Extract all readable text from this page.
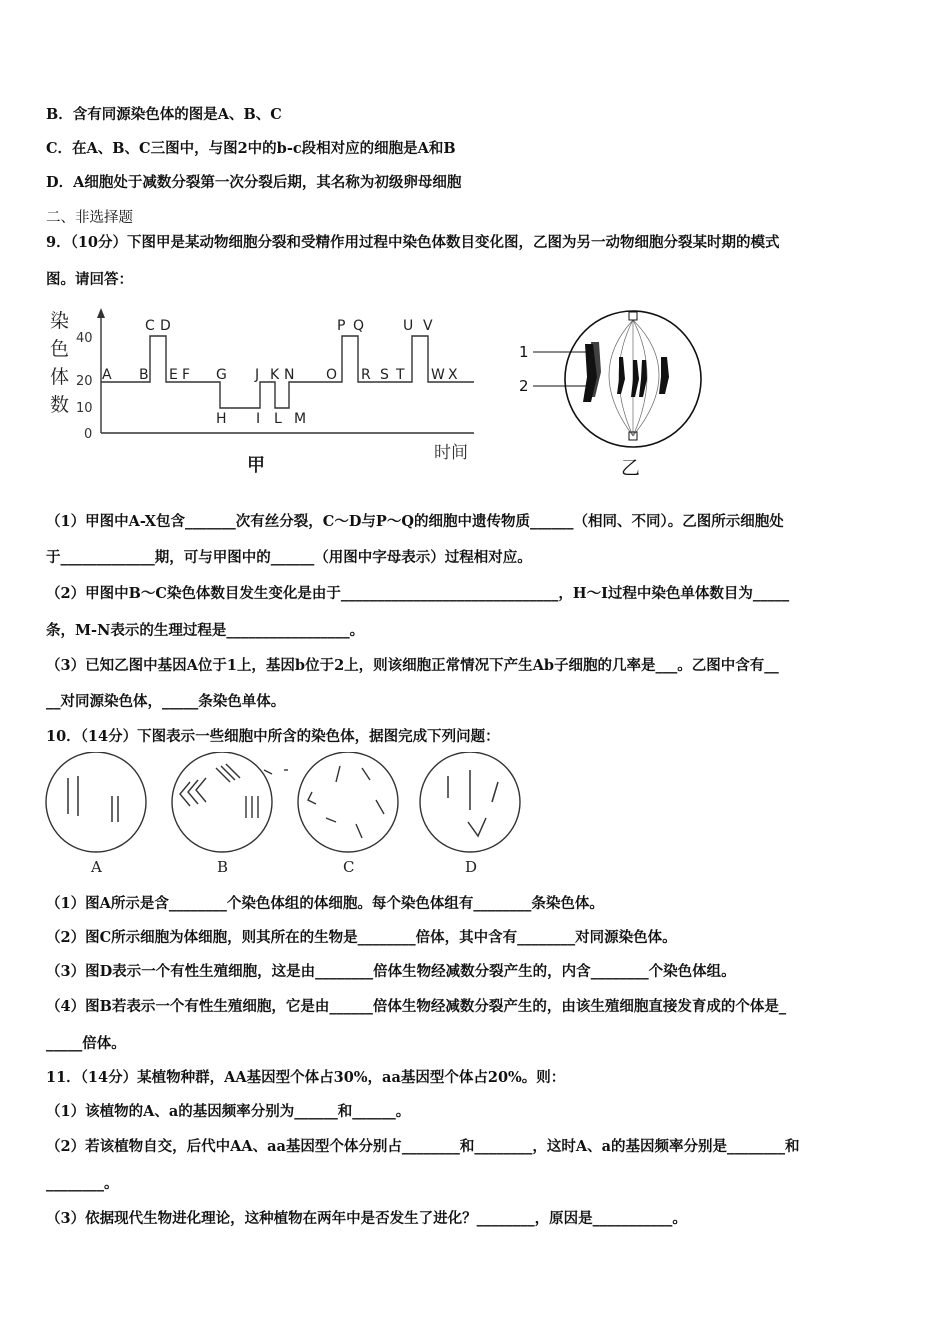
B．含有同源染色体的图是A、B、C
C．在A、B、C三图中，与图2中的b-c段相对应的细胞是A和B
D．A细胞处于减数分裂第一次分裂后期，其名称为初级卵母细胞
二、非选择题
9．（10分）下图甲是某动物细胞分裂和受精作用过程中染色体数目变化图，乙图为另一动物细胞分裂某时期的模式
图。请回答：
染
色
体
数
40
20
10
0
A B
C D
E F G J K N O
P Q
R S T
U V
W X
H I L M
时间
甲
1
2
乙
（1）甲图中A-X包含_______次有丝分裂，C～D与P～Q的细胞中遗传物质______（相同、不同）。乙图所示细胞处
于_____________期，可与甲图中的______（用图中字母表示）过程相对应。
（2）甲图中B～C染色体数目发生变化是由于______________________________，H～I过程中染色单体数目为_____
条，M-N表示的生理过程是_________________。
（3）已知乙图中基因A位于1上，基因b位于2上，则该细胞正常情况下产生Ab子细胞的几率是___。乙图中含有__
__对同源染色体，_____条染色单体。
10．（14分）下图表示一些细胞中所含的染色体，据图完成下列问题：
A	B	C	D
（1）图A所示是含________个染色体组的体细胞。每个染色体组有________条染色体。
（2）图C所示细胞为体细胞，则其所在的生物是________倍体，其中含有________对同源染色体。
（3）图D表示一个有性生殖细胞，这是由________倍体生物经减数分裂产生的，内含________个染色体组。
（4）图B若表示一个有性生殖细胞，它是由______倍体生物经减数分裂产生的，由该生殖细胞直接发育成的个体是_
_____倍体。
11．（14分）某植物种群，AA基因型个体占30%，aa基因型个体占20%。则：
（1）该植物的A、a的基因频率分别为______和______。
（2）若该植物自交，后代中AA、aa基因型个体分别占________和________，这时A、a的基因频率分别是________和
________。
（3）依据现代生物进化理论，这种植物在两年中是否发生了进化？________，原因是___________。
